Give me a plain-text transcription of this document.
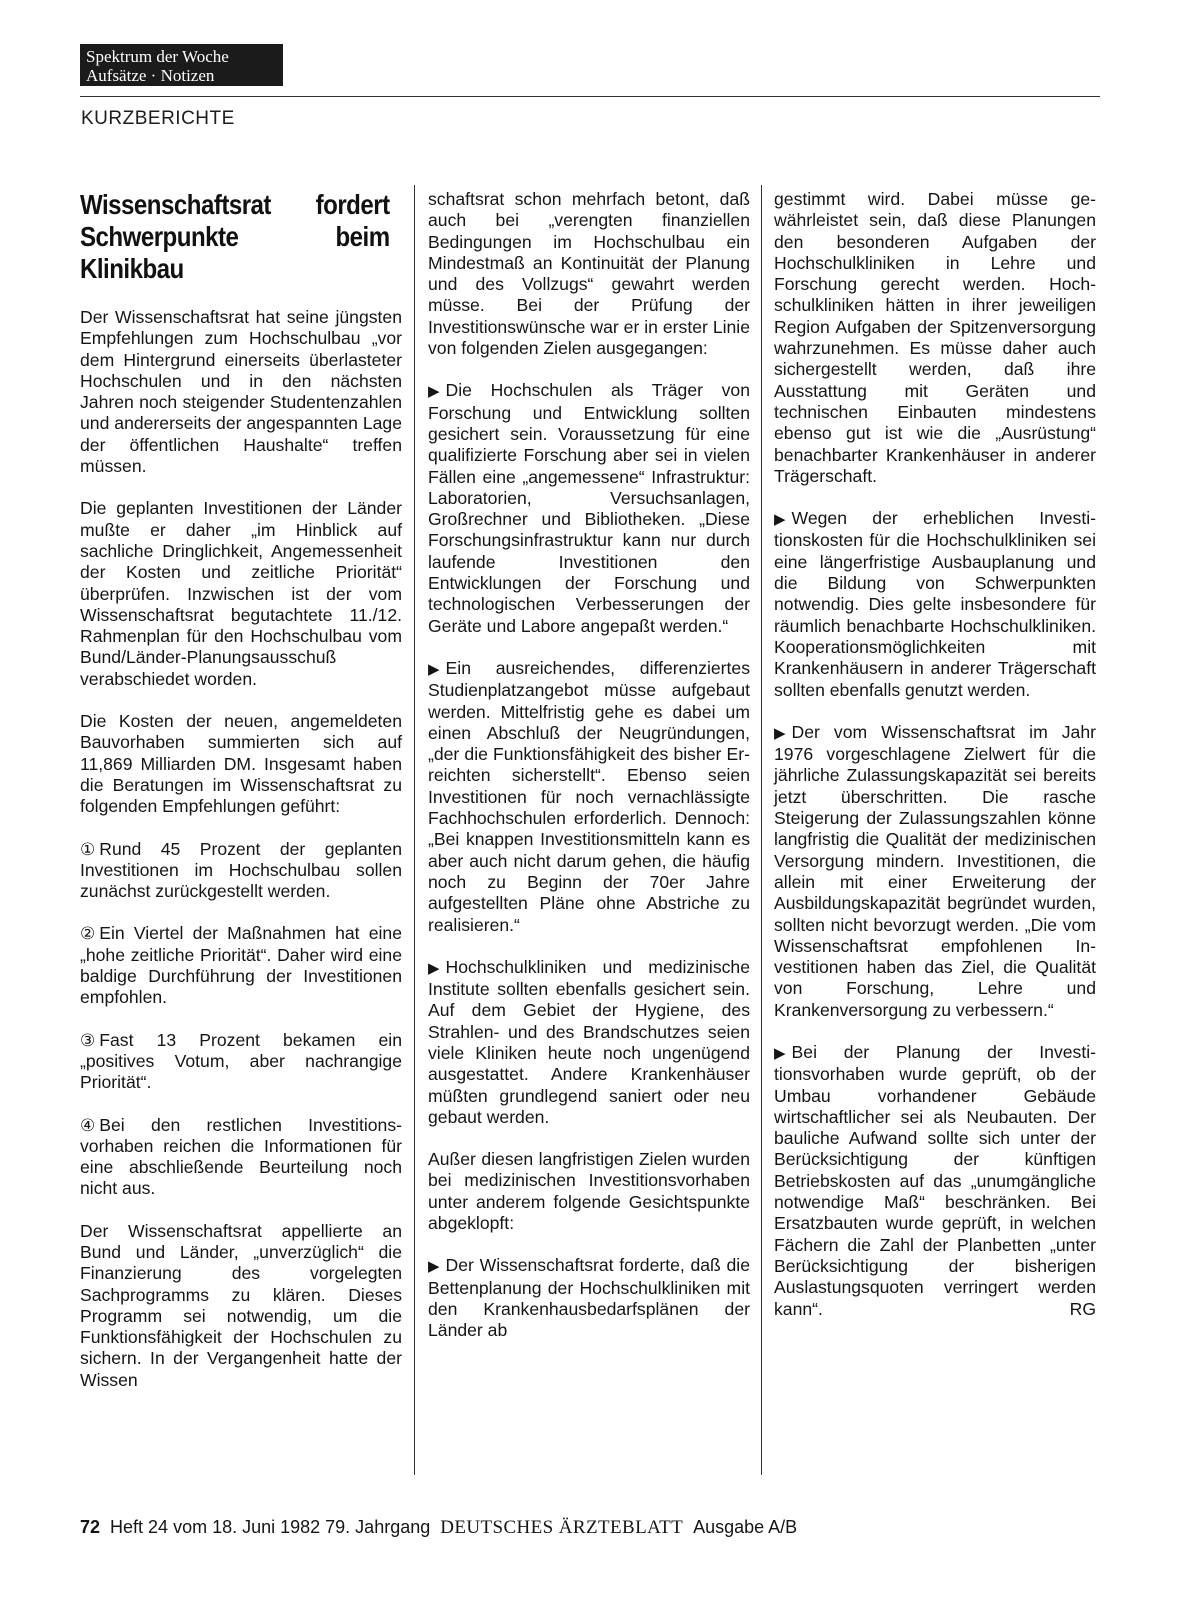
Spektrum der Woche
Aufsätze · Notizen
KURZBERICHTE
Wissenschaftsrat fordert Schwerpunkte beim Klinikbau

Der Wissenschaftsrat hat seine jüngsten Empfehlungen zum Hochschulbau „vor dem Hintergrund einerseits überlasteter Hochschulen und in den nächsten Jahren noch steigender Studentenzahlen und andererseits der angespannten Lage der öffentlichen Haushalte“ treffen müssen.

Die geplanten Investitionen der Länder mußte er daher „im Hinblick auf sachliche Dringlichkeit, Angemessenheit der Kosten und zeitliche Priorität“ überprüfen. Inzwischen ist der vom Wissenschaftsrat begutachtete 11./12. Rahmenplan für den Hochschulbau vom Bund/Länder-Planungsausschuß verabschiedet worden.

Die Kosten der neuen, angemeldeten Bauvorhaben summierten sich auf 11,869 Milliarden DM. Insgesamt haben die Beratungen im Wissenschaftsrat zu folgenden Empfehlungen geführt:

① Rund 45 Prozent der geplanten Investitionen im Hochschulbau sollen zunächst zurückgestellt werden.

② Ein Viertel der Maßnahmen hat eine „hohe zeitliche Priorität“. Daher wird eine baldige Durchführung der Investitionen empfohlen.

③ Fast 13 Prozent bekamen ein „positives Votum, aber nachrangige Priorität“.

④ Bei den restlichen Investitionsvorhaben reichen die Informationen für eine abschließende Beurteilung noch nicht aus.

Der Wissenschaftsrat appellierte an Bund und Länder, „unverzüglich“ die Finanzierung des vorgelegten Sachprogramms zu klären. Dieses Programm sei notwendig, um die Funktionsfähigkeit der Hochschulen zu sichern. In der Vergangenheit hatte der Wissen

schaftsrat schon mehrfach betont, daß auch bei „verengten finanziellen Bedingungen im Hochschulbau ein Mindestmaß an Kontinuität der Planung und des Vollzugs“ gewahrt werden müsse. Bei der Prüfung der Investitionswünsche war er in erster Linie von folgenden Zielen ausgegangen:

▶ Die Hochschulen als Träger von Forschung und Entwicklung sollten gesichert sein. Voraussetzung für eine qualifizierte Forschung aber sei in vielen Fällen eine „angemessene“ Infrastruktur: Laboratorien, Versuchsanlagen, Großrechner und Bibliotheken. „Diese Forschungsinfrastruktur kann nur durch laufende Investitionen den Entwicklungen der Forschung und technologischen Verbesserungen der Geräte und Labore angepaßt werden.“

▶ Ein ausreichendes, differenziertes Studienplatzangebot müsse aufgebaut werden. Mittelfristig gehe es dabei um einen Abschluß der Neugründungen, „der die Funktionsfähigkeit des bisher Erreichten sicherstellt“. Ebenso seien Investitionen für noch vernachlässigte Fachhochschulen erforderlich. Dennoch: „Bei knappen Investitionsmitteln kann es aber auch nicht darum gehen, die häufig noch zu Beginn der 70er Jahre aufgestellten Pläne ohne Abstriche zu realisieren.“

▶ Hochschulkliniken und medizinische Institute sollten ebenfalls gesichert sein. Auf dem Gebiet der Hygiene, des Strahlen- und des Brandschutzes seien viele Kliniken heute noch ungenügend ausgestattet. Andere Krankenhäuser müßten grundlegend saniert oder neu gebaut werden.

Außer diesen langfristigen Zielen wurden bei medizinischen Investitionsvorhaben unter anderem folgende Gesichtspunkte abgeklopft:

▶ Der Wissenschaftsrat forderte, daß die Bettenplanung der Hochschulkliniken mit den Krankenhausbedarfsplänen der Länder ab

gestimmt wird. Dabei müsse gewährleistet sein, daß diese Planungen den besonderen Aufgaben der Hochschulkliniken in Lehre und Forschung gerecht werden. Hochschulkliniken hätten in ihrer jeweiligen Region Aufgaben der Spitzenversorgung wahrzunehmen. Es müsse daher auch sichergestellt werden, daß ihre Ausstattung mit Geräten und technischen Einbauten mindestens ebenso gut ist wie die „Ausrüstung“ benachbarter Krankenhäuser in anderer Trägerschaft.

▶ Wegen der erheblichen Investitionskosten für die Hochschulkliniken sei eine längerfristige Ausbauplanung und die Bildung von Schwerpunkten notwendig. Dies gelte insbesondere für räumlich benachbarte Hochschulkliniken. Kooperationsmöglichkeiten mit Krankenhäusern in anderer Trägerschaft sollten ebenfalls genutzt werden.

▶ Der vom Wissenschaftsrat im Jahr 1976 vorgeschlagene Zielwert für die jährliche Zulassungskapazität sei bereits jetzt überschritten. Die rasche Steigerung der Zulassungszahlen könne langfristig die Qualität der medizinischen Versorgung mindern. Investitionen, die allein mit einer Erweiterung der Ausbildungskapazität begründet wurden, sollten nicht bevorzugt werden. „Die vom Wissenschaftsrat empfohlenen Investitionen haben das Ziel, die Qualität von Forschung, Lehre und Krankenversorgung zu verbessern.“

▶ Bei der Planung der Investitionsvorhaben wurde geprüft, ob der Umbau vorhandener Gebäude wirtschaftlicher sei als Neubauten. Der bauliche Aufwand sollte sich unter der Berücksichtigung der künftigen Betriebskosten auf das „unumgängliche notwendige Maß“ beschränken. Bei Ersatzbauten wurde geprüft, in welchen Fächern die Zahl der Planbetten „unter Berücksichtigung der bisherigen Auslastungsquoten verringert werden kann“.	RG

72 Heft 24 vom 18. Juni 1982 79. Jahrgang DEUTSCHES ÄRZTEBLATT Ausgabe A/B
